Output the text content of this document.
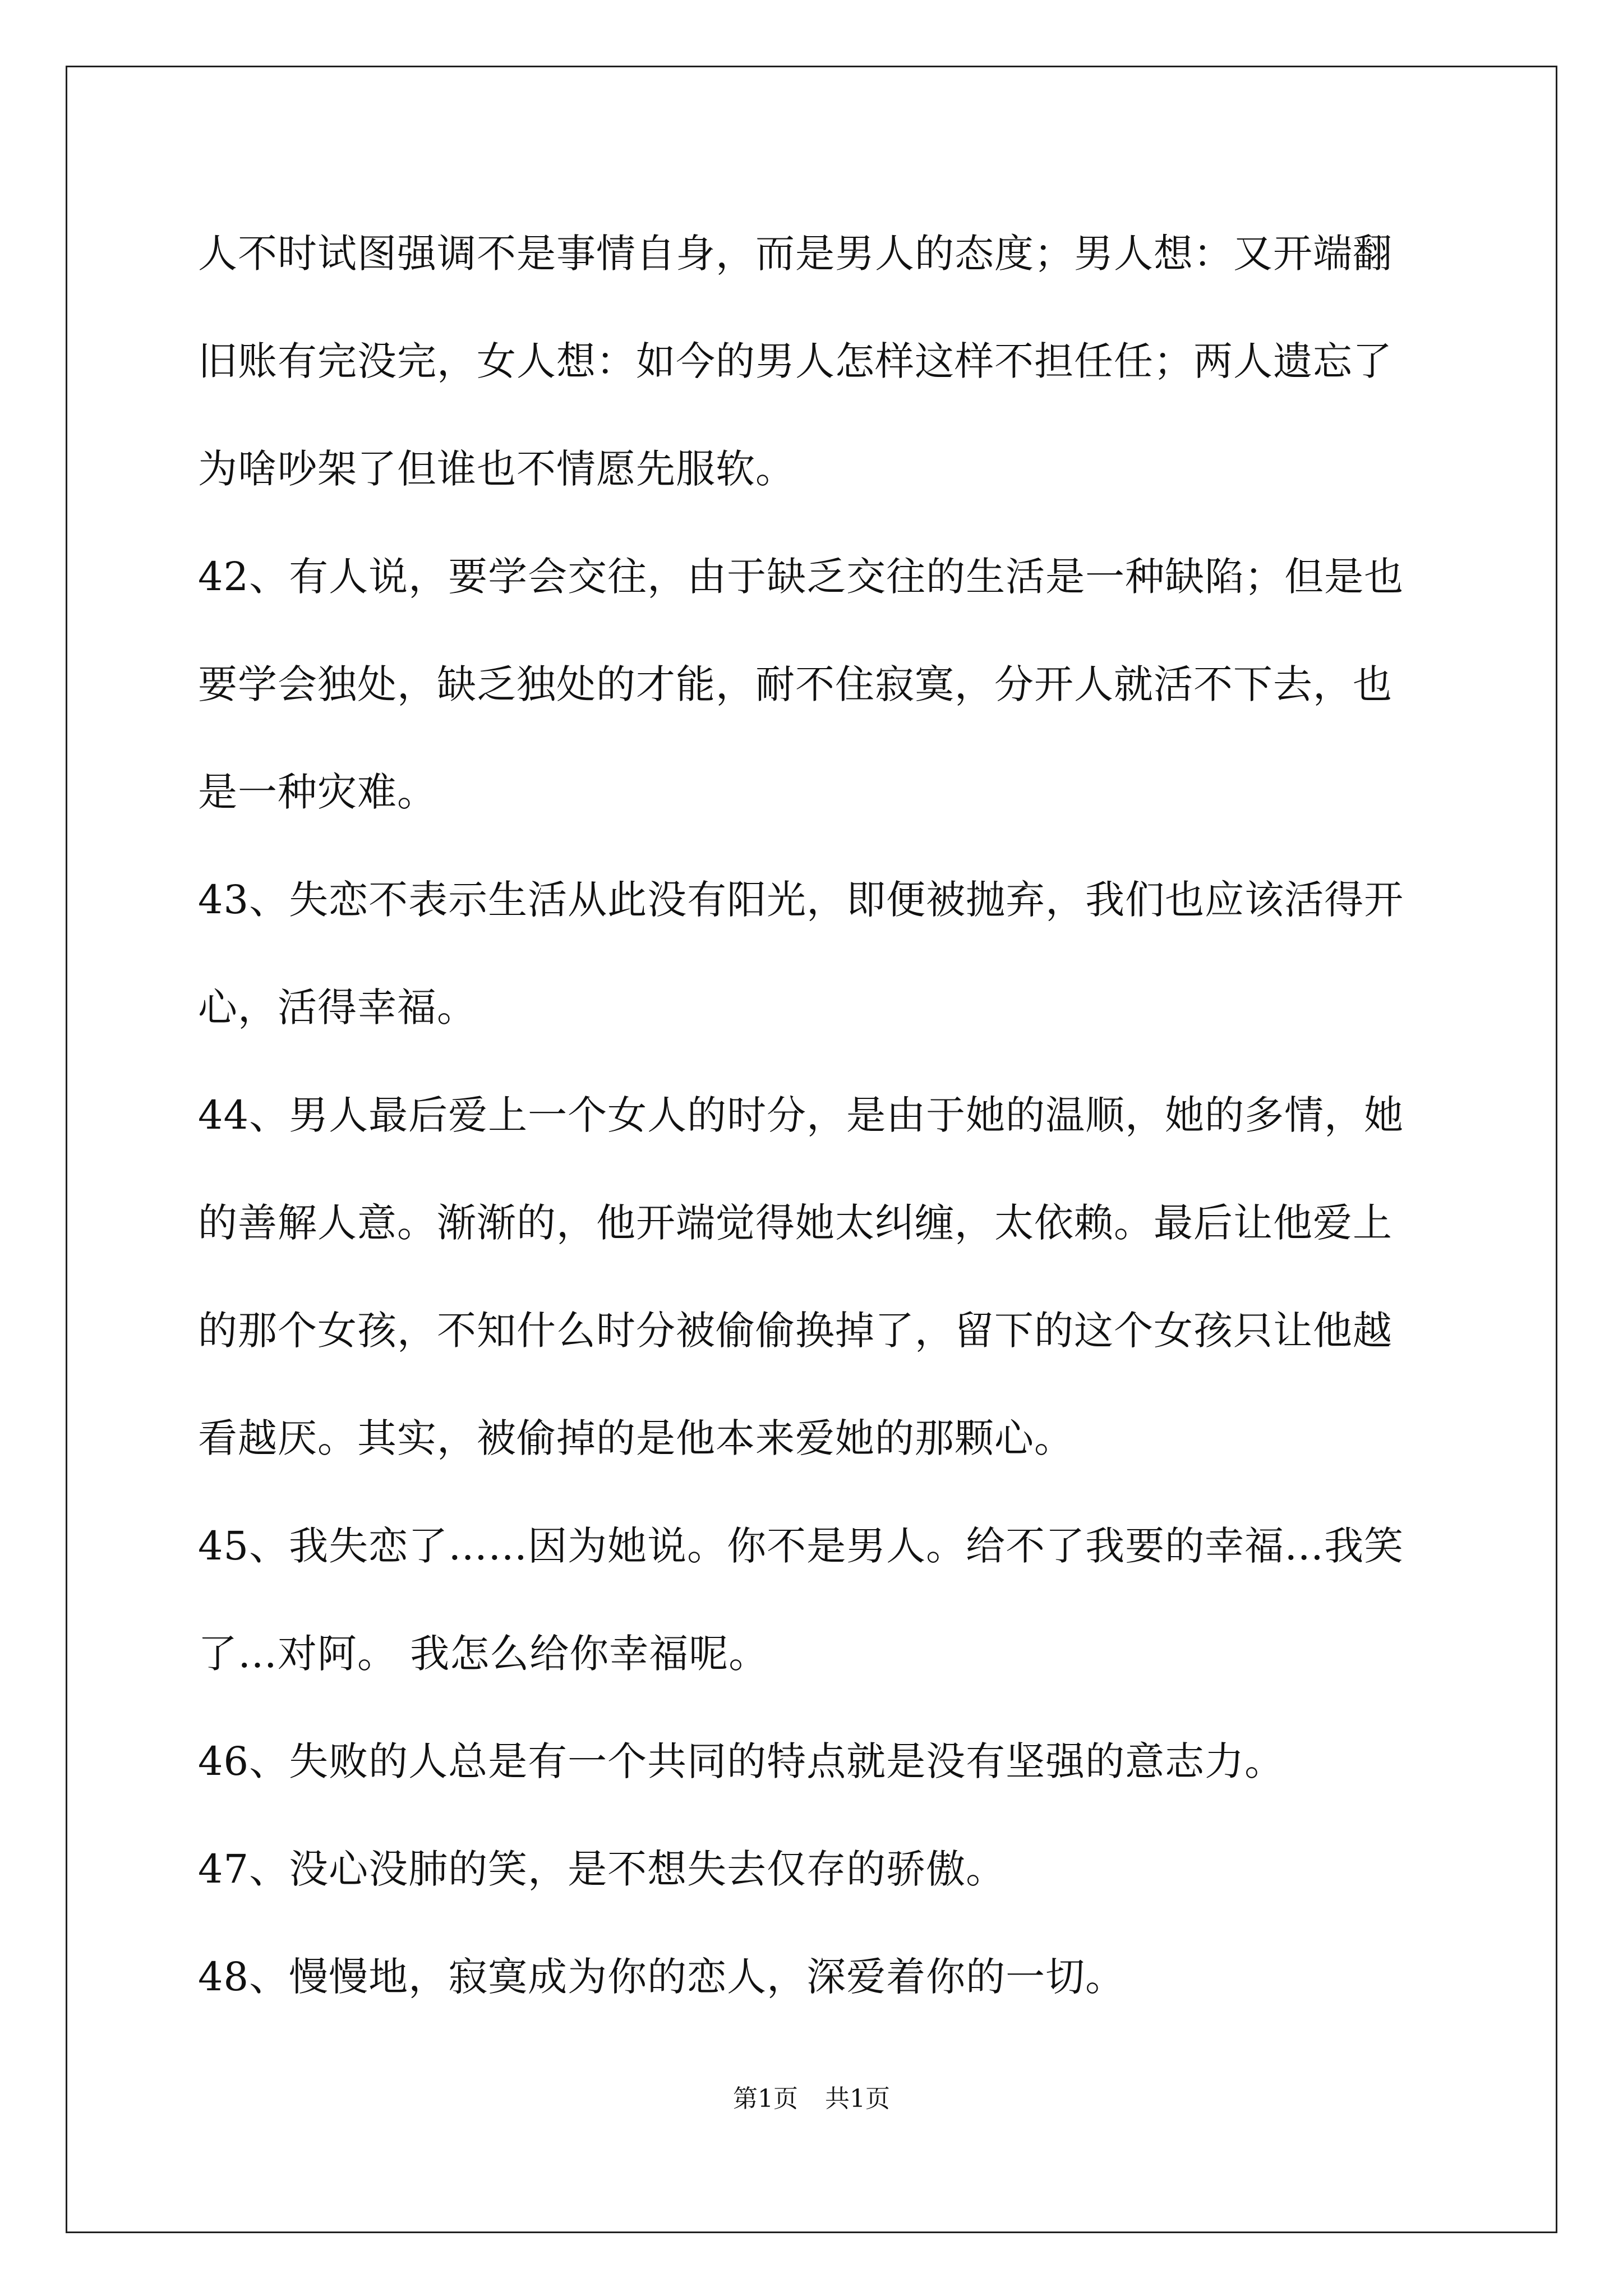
人不时试图强调不是事情自身，而是男人的态度；男人想：又开端翻
旧账有完没完，女人想：如今的男人怎样这样不担任任；两人遗忘了
为啥吵架了但谁也不情愿先服软。
42、有人说，要学会交往，由于缺乏交往的生活是一种缺陷；但是也
要学会独处，缺乏独处的才能，耐不住寂寞，分开人就活不下去，也
是一种灾难。
43、失恋不表示生活从此没有阳光，即便被抛弃，我们也应该活得开
心，活得幸福。
44、男人最后爱上一个女人的时分，是由于她的温顺，她的多情，她
的善解人意。渐渐的，他开端觉得她太纠缠，太依赖。最后让他爱上
的那个女孩，不知什么时分被偷偷换掉了，留下的这个女孩只让他越
看越厌。其实，被偷掉的是他本来爱她的那颗心。
45、我失恋了……因为她说。你不是男人。给不了我要的幸福…我笑
了…对阿。 我怎么给你幸福呢。
46、失败的人总是有一个共同的特点就是没有坚强的意志力。
47、没心没肺的笑，是不想失去仅存的骄傲。
48、慢慢地，寂寞成为你的恋人，深爱着你的一切。
第1页 共1页
